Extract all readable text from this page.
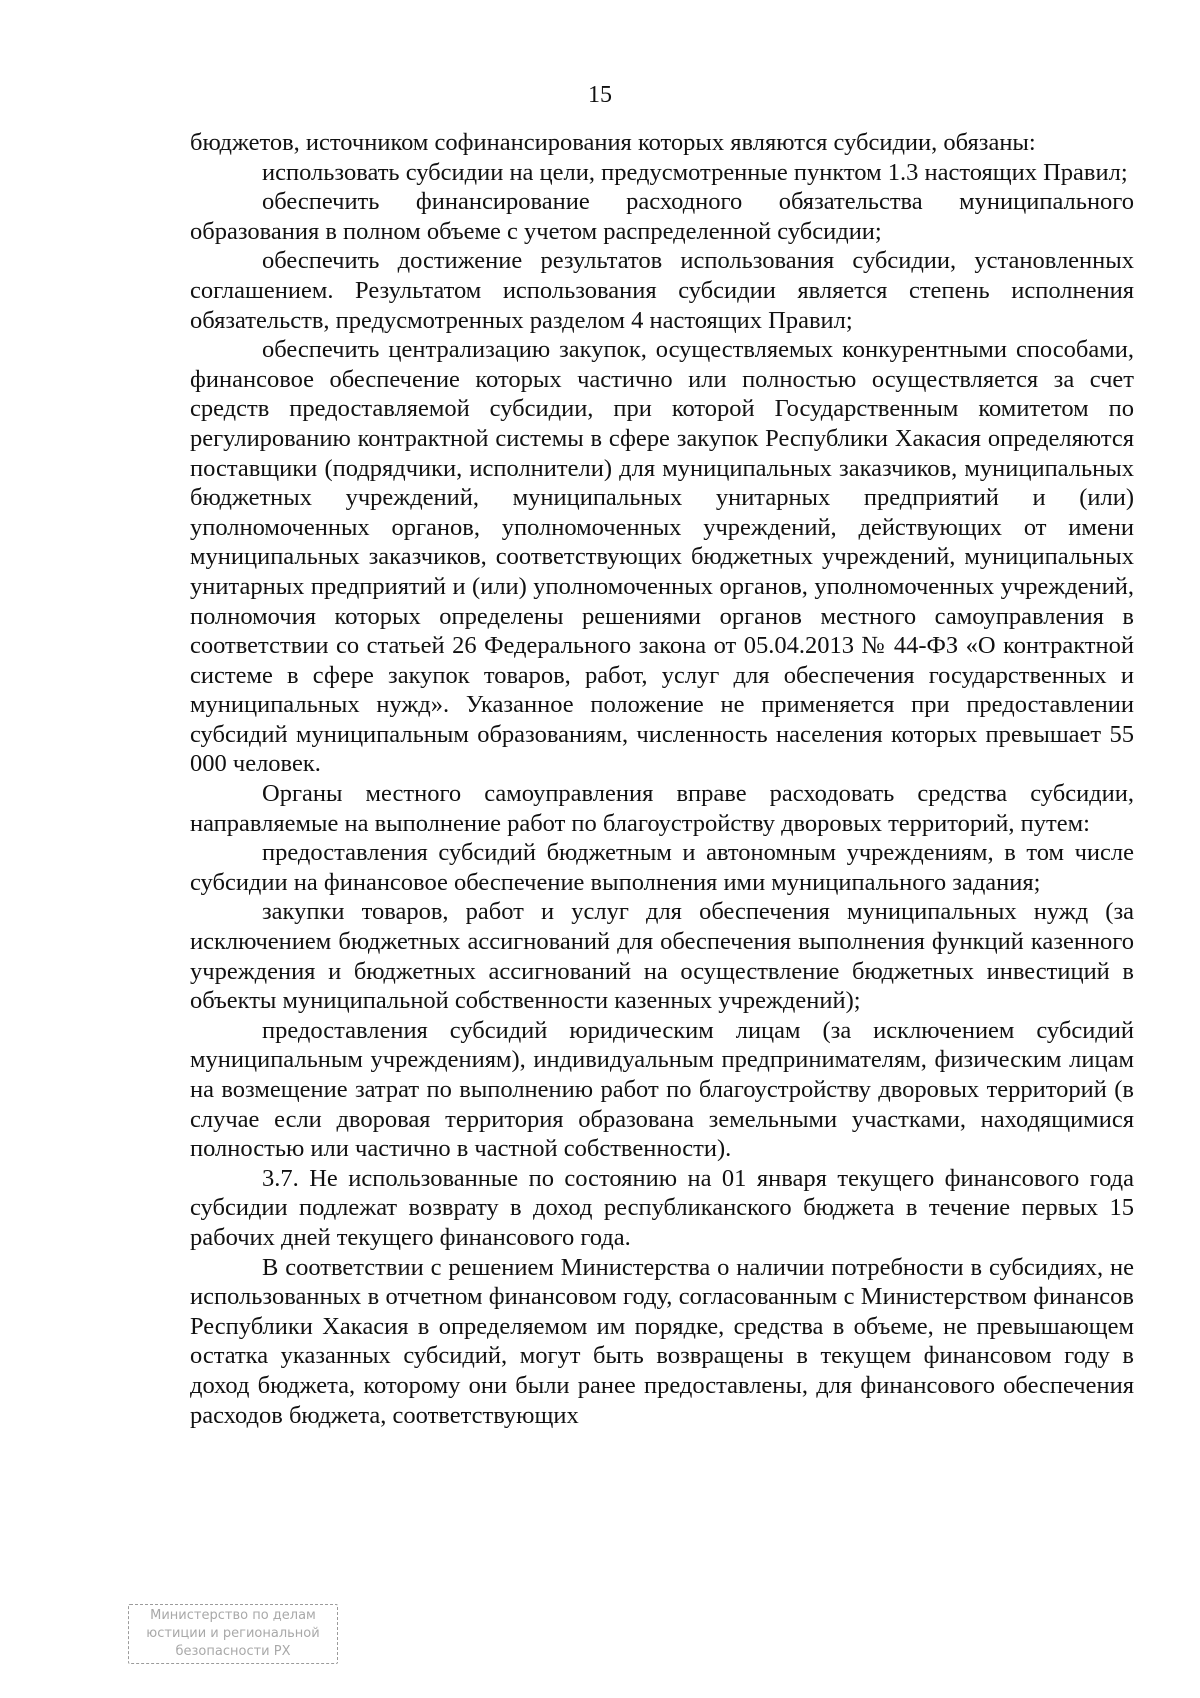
15

бюджетов, источником софинансирования которых являются субсидии, обязаны:

использовать субсидии на цели, предусмотренные пунктом 1.3 настоящих Правил;

обеспечить финансирование расходного обязательства муниципального образования в полном объеме с учетом распределенной субсидии;

обеспечить достижение результатов использования субсидии, установленных соглашением. Результатом использования субсидии является степень исполнения обязательств, предусмотренных разделом 4 настоящих Правил;

обеспечить централизацию закупок, осуществляемых конкурентными способами, финансовое обеспечение которых частично или полностью осуществляется за счет средств предоставляемой субсидии, при которой Государственным комитетом по регулированию контрактной системы в сфере закупок Республики Хакасия определяются поставщики (подрядчики, исполнители) для муниципальных заказчиков, муниципальных бюджетных учреждений, муниципальных унитарных предприятий и (или) уполномоченных органов, уполномоченных учреждений, действующих от имени муниципальных заказчиков, соответствующих бюджетных учреждений, муниципальных унитарных предприятий и (или) уполномоченных органов, уполномоченных учреждений, полномочия которых определены решениями органов местного самоуправления в соответствии со статьей 26 Федерального закона от 05.04.2013 № 44-ФЗ «О контрактной системе в сфере закупок товаров, работ, услуг для обеспечения государственных и муниципальных нужд». Указанное положение не применяется при предоставлении субсидий муниципальным образованиям, численность населения которых превышает 55 000 человек.

Органы местного самоуправления вправе расходовать средства субсидии, направляемые на выполнение работ по благоустройству дворовых территорий, путем:

предоставления субсидий бюджетным и автономным учреждениям, в том числе субсидии на финансовое обеспечение выполнения ими муниципального задания;

закупки товаров, работ и услуг для обеспечения муниципальных нужд (за исключением бюджетных ассигнований для обеспечения выполнения функций казенного учреждения и бюджетных ассигнований на осуществление бюджетных инвестиций в объекты муниципальной собственности казенных учреждений);

предоставления субсидий юридическим лицам (за исключением субсидий муниципальным учреждениям), индивидуальным предпринимателям, физическим лицам на возмещение затрат по выполнению работ по благоустройству дворовых территорий (в случае если дворовая территория образована земельными участками, находящимися полностью или частично в частной собственности).

3.7. Не использованные по состоянию на 01 января текущего финансового года субсидии подлежат возврату в доход республиканского бюджета в течение первых 15 рабочих дней текущего финансового года.

В соответствии с решением Министерства о наличии потребности в субсидиях, не использованных в отчетном финансовом году, согласованным с Министерством финансов Республики Хакасия в определяемом им порядке, средства в объеме, не превышающем остатка указанных субсидий, могут быть возвращены в текущем финансовом году в доход бюджета, которому они были ранее предоставлены, для финансового обеспечения расходов бюджета, соответствующих

Министерство по делам
юстиции и региональной
безопасности РХ
